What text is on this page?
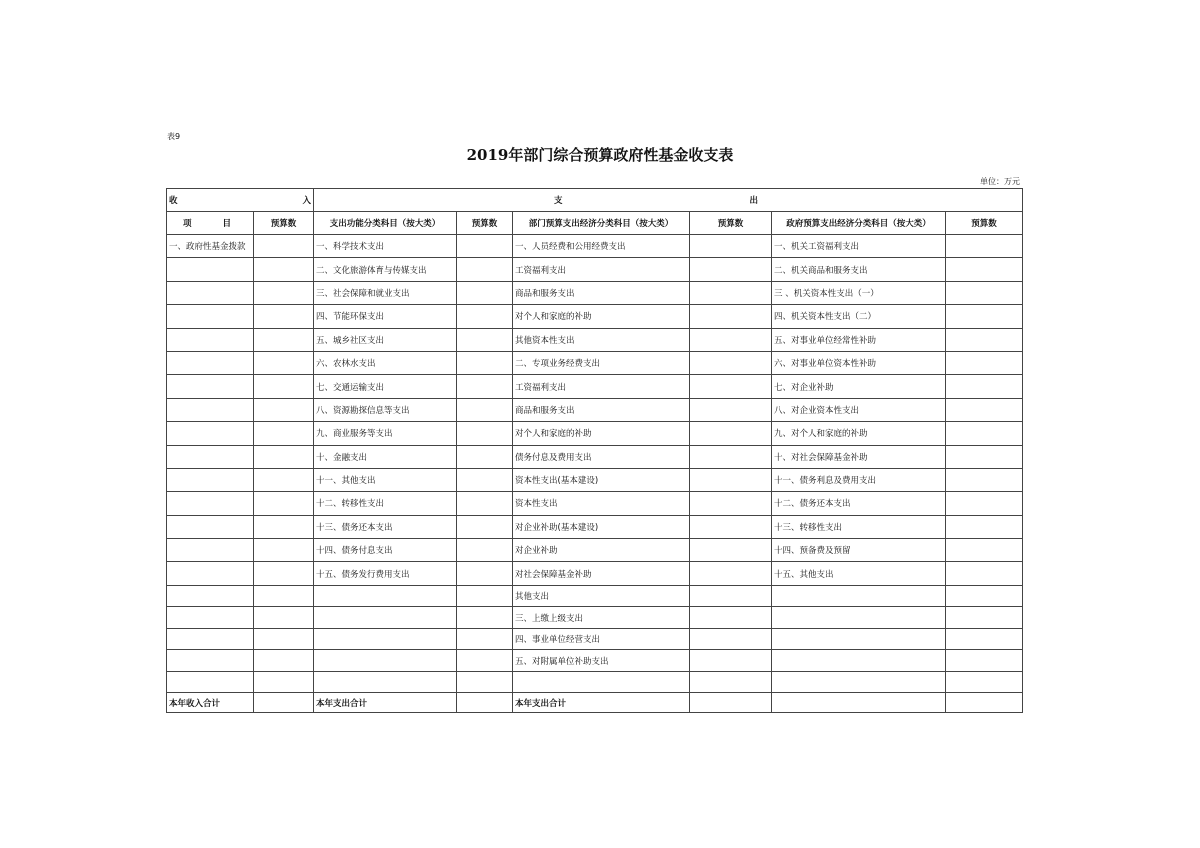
表9
2019年部门综合预算政府性基金收支表
单位：万元
收 入		支 出					

项 目	预算数	支出功能分类科目（按大类）	预算数	部门预算支出经济分类科目（按大类）	预算数	政府预算支出经济分类科目（按大类）	预算数
一、政府性基金拨款		一、科学技术支出		一、人员经费和公用经费支出		一、机关工资福利支出	
		二、文化旅游体育与传媒支出		工资福利支出		二、机关商品和服务支出	
		三、社会保障和就业支出		商品和服务支出		三 、机关资本性支出（一）	
		四、节能环保支出		对个人和家庭的补助		四、机关资本性支出（二）	
		五、城乡社区支出		其他资本性支出		五、对事业单位经常性补助	
		六、农林水支出		二、专项业务经费支出		六、对事业单位资本性补助	
		七、交通运输支出		工资福利支出		七、对企业补助	
		八、资源勘探信息等支出		商品和服务支出		八、对企业资本性支出	
		九、商业服务等支出		对个人和家庭的补助		九、对个人和家庭的补助	
		十、金融支出		债务付息及费用支出		十、对社会保障基金补助	
		十一、其他支出		资本性支出(基本建设)		十一、债务利息及费用支出	
		十二、转移性支出		资本性支出		十二、债务还本支出	
		十三、债务还本支出		对企业补助(基本建设)		十三、转移性支出	
		十四、债务付息支出		对企业补助		十四、预备费及预留	
		十五、债务发行费用支出		对社会保障基金补助		十五、其他支出	
				其他支出			
				三、上缴上级支出			
				四、事业单位经营支出			
				五、对附属单位补助支出			

本年收入合计		本年支出合计		本年支出合计			
